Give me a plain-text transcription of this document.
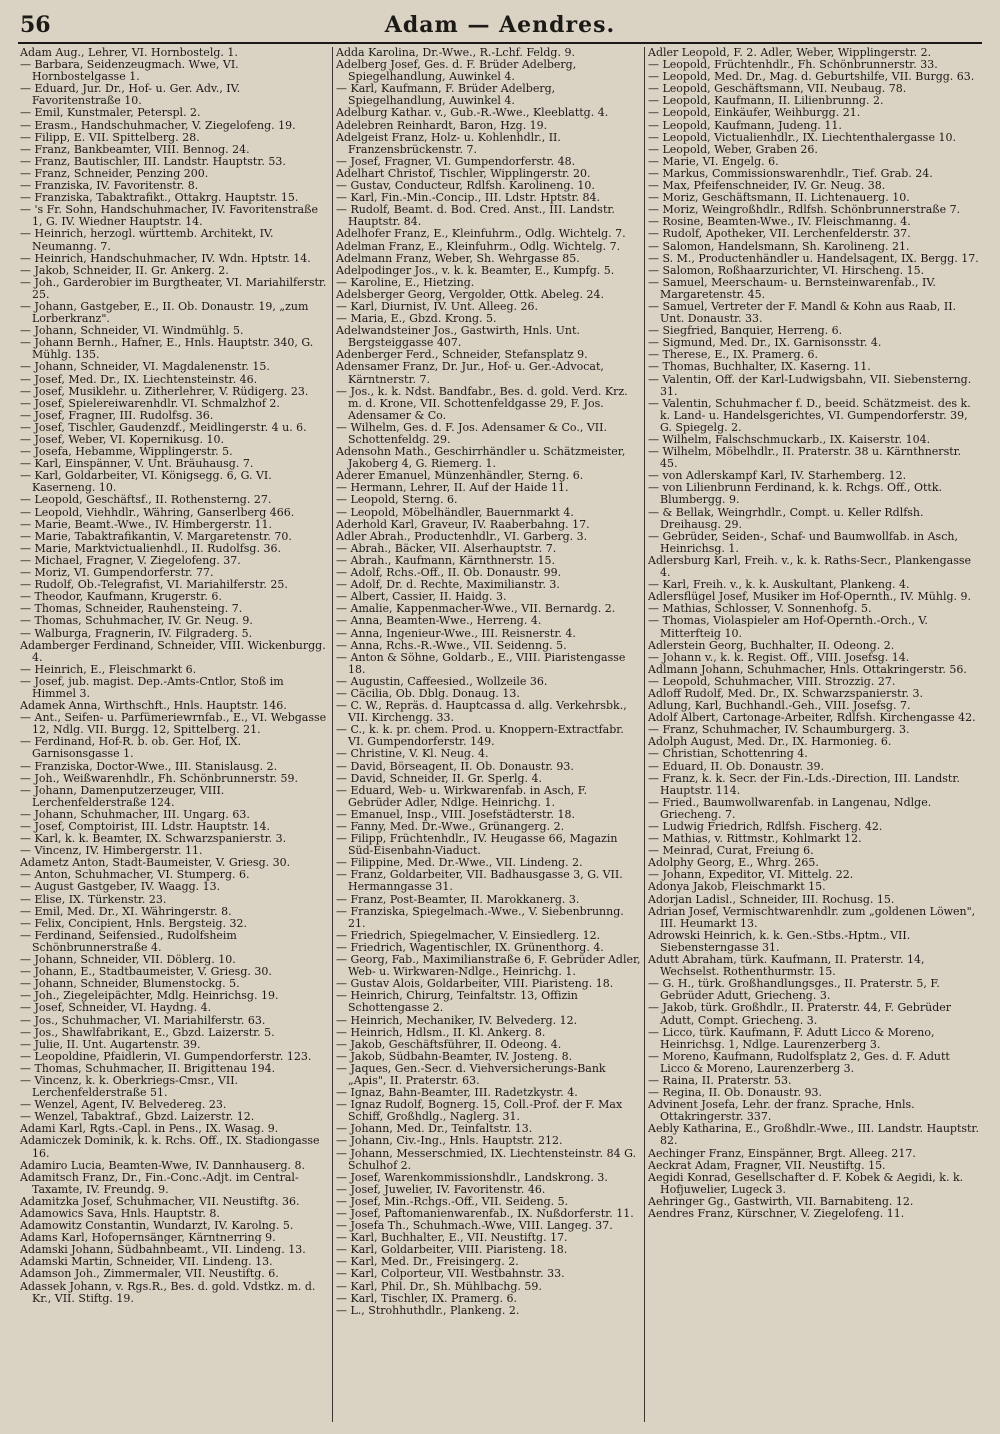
56	Adam — Aendres.

Adam Aug., Lehrer, VI. Hornbostelg. 1.

— Barbara, Seidenzeugmach. Wwe, VI. Hornbostelgasse 1.

— Eduard, Jur. Dr., Hof- u. Ger. Adv., IV. Favoritenstraße 10.

— Emil, Kunstmaler, Peterspl. 2.

— Erasm., Handschuhmacher, V. Ziegelofeng. 19.

— Filipp, E. VII. Spittelberg. 28.

— Franz, Bankbeamter, VIII. Bennog. 24.

— Franz, Bautischler, III. Landstr. Hauptstr. 53.

— Franz, Schneider, Penzing 200.

— Franziska, IV. Favoritenstr. 8.

— Franziska, Tabaktrafikt., Ottakrg. Hauptstr. 15.

— 's Fr. Sohn, Handschuhmacher, IV. Favoritenstraße 1, G. IV. Wiedner Hauptstr. 14.

— Heinrich, herzogl. württemb. Architekt, IV. Neumanng. 7.

— Heinrich, Handschuhmacher, IV. Wdn. Hptstr. 14.

— Jakob, Schneider, II. Gr. Ankerg. 2.

— Joh., Garderobier im Burgtheater, VI. Mariahilferstr. 25.

— Johann, Gastgeber, E., II. Ob. Donaustr. 19, „zum Lorberkranz".

— Johann, Schneider, VI. Windmühlg. 5.

— Johann Bernh., Hafner, E., Hnls. Hauptstr. 340, G. Mühlg. 135.

— Johann, Schneider, VI. Magdalenenstr. 15.

— Josef, Med. Dr., IX. Liechtensteinstr. 46.

— Josef, Musiklehr. u. Zitherlehrer, V. Rüdigerg. 23.

— Josef, Spielereiwarenhdlr. VI. Schmalzhof 2.

— Josef, Fragner, III. Rudolfsg. 36.

— Josef, Tischler, Gaudenzdf., Meidlingerstr. 4 u. 6.

— Josef, Weber, VI. Kopernikusg. 10.

— Josefa, Hebamme, Wipplingerstr. 5.

— Karl, Einspänner, V. Unt. Bräuhausg. 7.

— Karl, Goldarbeiter, VI. Königsegg. 6, G. VI. Kaserneng. 10.

— Leopold, Geschäftsf., II. Rothensterng. 27.

— Leopold, Viehhdlr., Währing, Ganserlberg 466.

— Marie, Beamt.-Wwe., IV. Himbergerstr. 11.

— Marie, Tabaktrafikantin, V. Margaretenstr. 70.

— Marie, Marktvictualienhdl., II. Rudolfsg. 36.

— Michael, Fragner, V. Ziegelofeng. 37.

— Moriz, VI. Gumpendorferstr. 77.

— Rudolf, Ob.-Telegrafist, VI. Mariahilferstr. 25.

— Theodor, Kaufmann, Krugerstr. 6.

— Thomas, Schneider, Rauhensteing. 7.

— Thomas, Schuhmacher, IV. Gr. Neug. 9.

— Walburga, Fragnerin, IV. Filgraderg. 5.

Adamberger Ferdinand, Schneider, VIII. Wickenburgg. 4.

— Heinrich, E., Fleischmarkt 6.

— Josef, jub. magist. Dep.-Amts-Cntlor, Stoß im Himmel 3.

Adamek Anna, Wirthschft., Hnls. Hauptstr. 146.

— Ant., Seifen- u. Parfümeriewrnfab., E., VI. Webgasse 12, Ndlg. VII. Burgg. 12, Spittelberg. 21.

— Ferdinand, Hof-R. b. ob. Ger. Hof, IX. Garnisonsgasse 1.

— Franziska, Doctor-Wwe., III. Stanislausg. 2.

— Joh., Weißwarenhdlr., Fh. Schönbrunnerstr. 59.

— Johann, Damenputzerzeuger, VIII. Lerchenfelderstraße 124.

— Johann, Schuhmacher, III. Ungarg. 63.

— Josef, Comptoirist, III. Ldstr. Hauptstr. 14.

— Karl, k. k. Beamter, IX. Schwarzspanierstr. 3.

— Vincenz, IV. Himbergerstr. 11.

Adametz Anton, Stadt-Baumeister, V. Griesg. 30.

— Anton, Schuhmacher, VI. Stumperg. 6.

— August Gastgeber, IV. Waagg. 13.

— Elise, IX. Türkenstr. 23.

— Emil, Med. Dr., XI. Währingerstr. 8.

— Felix, Concipient, Hnls. Bergsteig. 32.

— Ferdinand, Seifensied., Rudolfsheim Schönbrunnerstraße 4.

— Johann, Schneider, VII. Döblerg. 10.

— Johann, E., Stadtbaumeister, V. Griesg. 30.

— Johann, Schneider, Blumenstockg. 5.

— Joh., Ziegeleipächter, Mdlg. Heinrichsg. 19.

— Josef, Schneider, VI. Haydng. 4.

— Jos., Schuhmacher, VI. Mariahilferstr. 63.

— Jos., Shawlfabrikant, E., Gbzd. Laizerstr. 5.

— Julie, II. Unt. Augartenstr. 39.

— Leopoldine, Pfaidlerin, VI. Gumpendorferstr. 123.

— Thomas, Schuhmacher, II. Brigittenau 194.

— Vincenz, k. k. Oberkriegs-Cmsr., VII. Lerchenfelderstraße 51.

— Wenzel, Agent, IV. Belvedereg. 23.

— Wenzel, Tabaktraf., Gbzd. Laizerstr. 12.

Adami Karl, Rgts.-Capl. in Pens., IX. Wasag. 9.

Adamiczek Dominik, k. k. Rchs. Off., IX. Stadiongasse 16.

Adamiro Lucia, Beamten-Wwe, IV. Dannhauserg. 8.

Adamitsch Franz, Dr., Fin.-Conc.-Adjt. im Central-Taxamte, IV. Freundg. 9.

Adamitzka Josef, Schuhmacher, VII. Neustiftg. 36.

Adamowics Sava, Hnls. Hauptstr. 8.

Adamowitz Constantin, Wundarzt, IV. Karolng. 5.

Adams Karl, Hofopernsänger, Kärntnerring 9.

Adamski Johann, Südbahnbeamt., VII. Lindeng. 13.

Adamski Martin, Schneider, VII. Lindeng. 13.

Adamson Joh., Zimmermaler, VII. Neustiftg. 6.

Adassek Johann, v. Rgs.R., Bes. d. gold. Vdstkz. m. d. Kr., VII. Stiftg. 19.

Adda Karolina, Dr.-Wwe., R.-Lchf. Feldg. 9.

Adelberg Josef, Ges. d. F. Brüder Adelberg, Spiegelhandlung, Auwinkel 4.

— Karl, Kaufmann, F. Brüder Adelberg, Spiegelhandlung, Auwinkel 4.

Adelburg Kathar. v., Gub.-R.-Wwe., Kleeblattg. 4.

Adelebren Reinhardt, Baron, Hzg. 19.

Adelgeist Franz, Holz- u. Kohlenhdlr., II. Franzensbrückenstr. 7.

— Josef, Fragner, VI. Gumpendorferstr. 48.

Adelhart Christof, Tischler, Wipplingerstr. 20.

— Gustav, Conducteur, Rdlfsh. Karolineng. 10.

— Karl, Fin.-Min.-Concip., III. Ldstr. Hptstr. 84.

— Rudolf, Beamt. d. Bod. Cred. Anst., III. Landstr. Hauptstr. 84.

Adelhofer Franz, E., Kleinfuhrm., Odlg. Wichtelg. 7.

Adelman Franz, E., Kleinfuhrm., Odlg. Wichtelg. 7.

Adelmann Franz, Weber, Sh. Wehrgasse 85.

Adelpodinger Jos., v. k. k. Beamter, E., Kumpfg. 5.

— Karoline, E., Hietzing.

Adelsberger Georg, Vergolder, Ottk. Abeleg. 24.

— Karl, Diurnist, IV. Unt. Alleeg. 26.

— Maria, E., Gbzd. Krong. 5.

Adelwandsteiner Jos., Gastwirth, Hnls. Unt. Bergsteiggasse 407.

Adenberger Ferd., Schneider, Stefansplatz 9.

Adensamer Franz, Dr. Jur., Hof- u. Ger.-Advocat, Kärntnerstr. 7.

— Jos., k. k. Ndst. Bandfabr., Bes. d. gold. Verd. Krz. m. d. Krone, VII. Schottenfeldgasse 29, F. Jos. Adensamer & Co.

— Wilhelm, Ges. d. F. Jos. Adensamer & Co., VII. Schottenfeldg. 29.

Adensohn Math., Geschirrhändler u. Schätzmeister, Jakoberg 4, G. Riemerg. 1.

Aderer Emanuel, Münzenhändler, Sterng. 6.

— Hermann, Lehrer, II. Auf der Haide 11.

— Leopold, Sterng. 6.

— Leopold, Möbelhändler, Bauernmarkt 4.

Aderhold Karl, Graveur, IV. Raaberbahng. 17.

Adler Abrah., Productenhdlr., VI. Garberg. 3.

— Abrah., Bäcker, VII. Alserhauptstr. 7.

— Abrah., Kaufmann, Kärnthnerstr. 15.

— Adolf, Rchs.-Off., II. Ob. Donaustr. 99.

— Adolf, Dr. d. Rechte, Maximilianstr. 3.

— Albert, Cassier, II. Haidg. 3.

— Amalie, Kappenmacher-Wwe., VII. Bernardg. 2.

— Anna, Beamten-Wwe., Herreng. 4.

— Anna, Ingenieur-Wwe., III. Reisnerstr. 4.

— Anna, Rchs.-R.-Wwe., VII. Seidenng. 5.

— Anton & Söhne, Goldarb., E., VIII. Piaristengasse 18.

— Augustin, Caffeesied., Wollzeile 36.

— Cäcilia, Ob. Dblg. Donaug. 13.

— C. W., Repräs. d. Hauptcassa d. allg. Verkehrsbk., VII. Kirchengg. 33.

— C., k. k. pr. chem. Prod. u. Knoppern-Extractfabr. VI. Gumpendorferstr. 149.

— Christine, V. Kl. Neug. 4.

— David, Börseagent, II. Ob. Donaustr. 93.

— David, Schneider, II. Gr. Sperlg. 4.

— Eduard, Web- u. Wirkwarenfab. in Asch, F. Gebrüder Adler, Ndlge. Heinrichg. 1.

— Emanuel, Insp., VIII. Josefstädterstr. 18.

— Fanny, Med. Dr.-Wwe., Grünangerg. 2.

— Filipp, Früchtenhdlr., IV. Heugasse 66, Magazin Süd-Eisenbahn-Viaduct.

— Filippine, Med. Dr.-Wwe., VII. Lindeng. 2.

— Franz, Goldarbeiter, VII. Badhausgasse 3, G. VII. Hermanngasse 31.

— Franz, Post-Beamter, II. Marokkanerg. 3.

— Franziska, Spiegelmach.-Wwe., V. Siebenbrunng. 21.

— Friedrich, Spiegelmacher, V. Einsiedlerg. 12.

— Friedrich, Wagentischler, IX. Grünenthorg. 4.

— Georg, Fab., Maximilianstraße 6, F. Gebrüder Adler, Web- u. Wirkwaren-Ndlge., Heinrichg. 1.

— Gustav Alois, Goldarbeiter, VIII. Piaristeng. 18.

— Heinrich, Chirurg, Teinfaltstr. 13, Offizin Schottengasse 2.

— Heinrich, Mechaniker, IV. Belvederg. 12.

— Heinrich, Hdlsm., II. Kl. Ankerg. 8.

— Jakob, Geschäftsführer, II. Odeong. 4.

— Jakob, Südbahn-Beamter, IV. Josteng. 8.

— Jaques, Gen.-Secr. d. Viehversicherungs-Bank „Apis", II. Praterstr. 63.

— Ignaz, Bahn-Beamter, III. Radetzkystr. 4.

— Ignaz Rudolf, Bognerg. 15, Coll.-Prof. der F. Max Schiff, Großhdlg., Naglerg. 31.

— Johann, Med. Dr., Teinfaltstr. 13.

— Johann, Civ.-Ing., Hnls. Hauptstr. 212.

— Johann, Messerschmied, IX. Liechtensteinstr. 84 G. Schulhof 2.

— Josef, Warenkommissionshdlr., Landskrong. 3.

— Josef, Juwelier, IV. Favoritenstr. 46.

— Josef, Min.-Rchgs.-Off., VII. Seideng. 5.

— Josef, Paftomanienwarenfab., IX. Nußdorferstr. 11.

— Josefa Th., Schuhmach.-Wwe, VIII. Langeg. 37.

— Karl, Buchhalter, E., VII. Neustiftg. 17.

— Karl, Goldarbeiter, VIII. Piaristeng. 18.

— Karl, Med. Dr., Freisingerg. 2.

— Karl, Colporteur, VII. Westbahnstr. 33.

— Karl, Phil. Dr., Sh. Mühlbachg. 59.

— Karl, Tischler, IX. Pramerg. 6.

— L., Strohhuthdlr., Plankeng. 2.

Adler Leopold, F. 2. Adler, Weber, Wipplingerstr. 2.

— Leopold, Früchtenhdlr., Fh. Schönbrunnerstr. 33.

— Leopold, Med. Dr., Mag. d. Geburtshilfe, VII. Burgg. 63.

— Leopold, Geschäftsmann, VII. Neubaug. 78.

— Leopold, Kaufmann, II. Lilienbrunng. 2.

— Leopold, Einkäufer, Weihburgg. 21.

— Leopold, Kaufmann, Judeng. 11.

— Leopold, Victualienhdlr., IX. Liechtenthalergasse 10.

— Leopold, Weber, Graben 26.

— Marie, VI. Engelg. 6.

— Markus, Commissionswarenhdlr., Tief. Grab. 24.

— Max, Pfeifenschneider, IV. Gr. Neug. 38.

— Moriz, Geschäftsmann, II. Lichtenauerg. 10.

— Moriz, Weingroßhdlr., Rdlfsh. Schönbrunnerstraße 7.

— Rosine, Beamten-Wwe., IV. Fleischmanng. 4.

— Rudolf, Apotheker, VII. Lerchenfelderstr. 37.

— Salomon, Handelsmann, Sh. Karolineng. 21.

— S. M., Productenhändler u. Handelsagent, IX. Bergg. 17.

— Salomon, Roßhaarzurichter, VI. Hirscheng. 15.

— Samuel, Meerschaum- u. Bernsteinwarenfab., IV. Margaretenstr. 45.

— Samuel, Vertreter der F. Mandl & Kohn aus Raab, II. Unt. Donaustr. 33.

— Siegfried, Banquier, Herreng. 6.

— Sigmund, Med. Dr., IX. Garnisonsstr. 4.

— Therese, E., IX. Pramerg. 6.

— Thomas, Buchhalter, IX. Kaserng. 11.

— Valentin, Off. der Karl-Ludwigsbahn, VII. Siebensterng. 31.

— Valentin, Schuhmacher f. D., beeid. Schätzmeist. des k. k. Land- u. Handelsgerichtes, VI. Gumpendorferstr. 39, G. Spiegelg. 2.

— Wilhelm, Falschschmuckarb., IX. Kaiserstr. 104.

— Wilhelm, Möbelhdlr., II. Praterstr. 38 u. Kärnthnerstr. 45.

— von Adlerskampf Karl, IV. Starhemberg. 12.

— von Lilienbrunn Ferdinand, k. k. Rchgs. Off., Ottk. Blumbergg. 9.

— & Bellak, Weingrhdlr., Compt. u. Keller Rdlfsh. Dreihausg. 29.

— Gebrüder, Seiden-, Schaf- und Baumwollfab. in Asch, Heinrichsg. 1.

Adlersburg Karl, Freih. v., k. k. Raths-Secr., Plankengasse 4.

— Karl, Freih. v., k. k. Auskultant, Plankeng. 4.

Adlersflügel Josef, Musiker im Hof-Opernth., IV. Mühlg. 9.

— Mathias, Schlosser, V. Sonnenhofg. 5.

— Thomas, Violaspieler am Hof-Opernth.-Orch., V. Mitterfteig 10.

Adlerstein Georg, Buchhalter, II. Odeong. 2.

— Johann v., k. k. Regist. Off., VIII. Josefsg. 14.

Adlmann Johann, Schuhmacher, Hnls. Ottakringerstr. 56.

— Leopold, Schuhmacher, VIII. Strozzig. 27.

Adloff Rudolf, Med. Dr., IX. Schwarzspanierstr. 3.

Adlung, Karl, Buchhandl.-Geh., VIII. Josefsg. 7.

Adolf Albert, Cartonage-Arbeiter, Rdlfsh. Kirchengasse 42.

— Franz, Schuhmacher, IV. Schaumburgerg. 3.

Adolph August, Med. Dr., IX. Harmonieg. 6.

— Christian, Schottenring 4.

— Eduard, II. Ob. Donaustr. 39.

— Franz, k. k. Secr. der Fin.-Lds.-Direction, III. Landstr. Hauptstr. 114.

— Fried., Baumwollwarenfab. in Langenau, Ndlge. Griecheng. 7.

— Ludwig Friedrich, Rdlfsh. Fischerg. 42.

— Mathias, v. Rittmstr., Kohlmarkt 12.

— Meinrad, Curat, Freiung 6.

Adolphy Georg, E., Whrg. 265.

— Johann, Expeditor, VI. Mittelg. 22.

Adonya Jakob, Fleischmarkt 15.

Adorjan Ladisl., Schneider, III. Rochusg. 15.

Adrian Josef, Vermischtwarenhdlr. zum „goldenen Löwen", III. Heumarkt 13.

Adrowski Heinrich, k. k. Gen.-Stbs.-Hptm., VII. Siebensterngasse 31.

Adutt Abraham, türk. Kaufmann, II. Praterstr. 14, Wechselst. Rothenthurmstr. 15.

— G. H., türk. Großhandlungsges., II. Praterstr. 5, F. Gebrüder Adutt, Griecheng. 3.

— Jakob, türk. Großhdlr., II. Praterstr. 44, F. Gebrüder Adutt, Compt. Griecheng. 3.

— Licco, türk. Kaufmann, F. Adutt Licco & Moreno, Heinrichsg. 1, Ndlge. Laurenzerberg 3.

— Moreno, Kaufmann, Rudolfsplatz 2, Ges. d. F. Adutt Licco & Moreno, Laurenzerberg 3.

— Raina, II. Praterstr. 53.

— Regina, II. Ob. Donaustr. 93.

Advinent Josefa, Lehr. der franz. Sprache, Hnls. Ottakringerstr. 337.

Aebly Katharina, E., Großhdlr.-Wwe., III. Landstr. Hauptstr. 82.

Aechinger Franz, Einspänner, Brgt. Alleeg. 217.

Aeckrat Adam, Fragner, VII. Neustiftg. 15.

Aegidi Konrad, Gesellschafter d. F. Kobek & Aegidi, k. k. Hofjuwelier, Lugeck 3.

Aehringer Gg., Gastwirth, VII. Barnabiteng. 12.

Aendres Franz, Kürschner, V. Ziegelofeng. 11.
